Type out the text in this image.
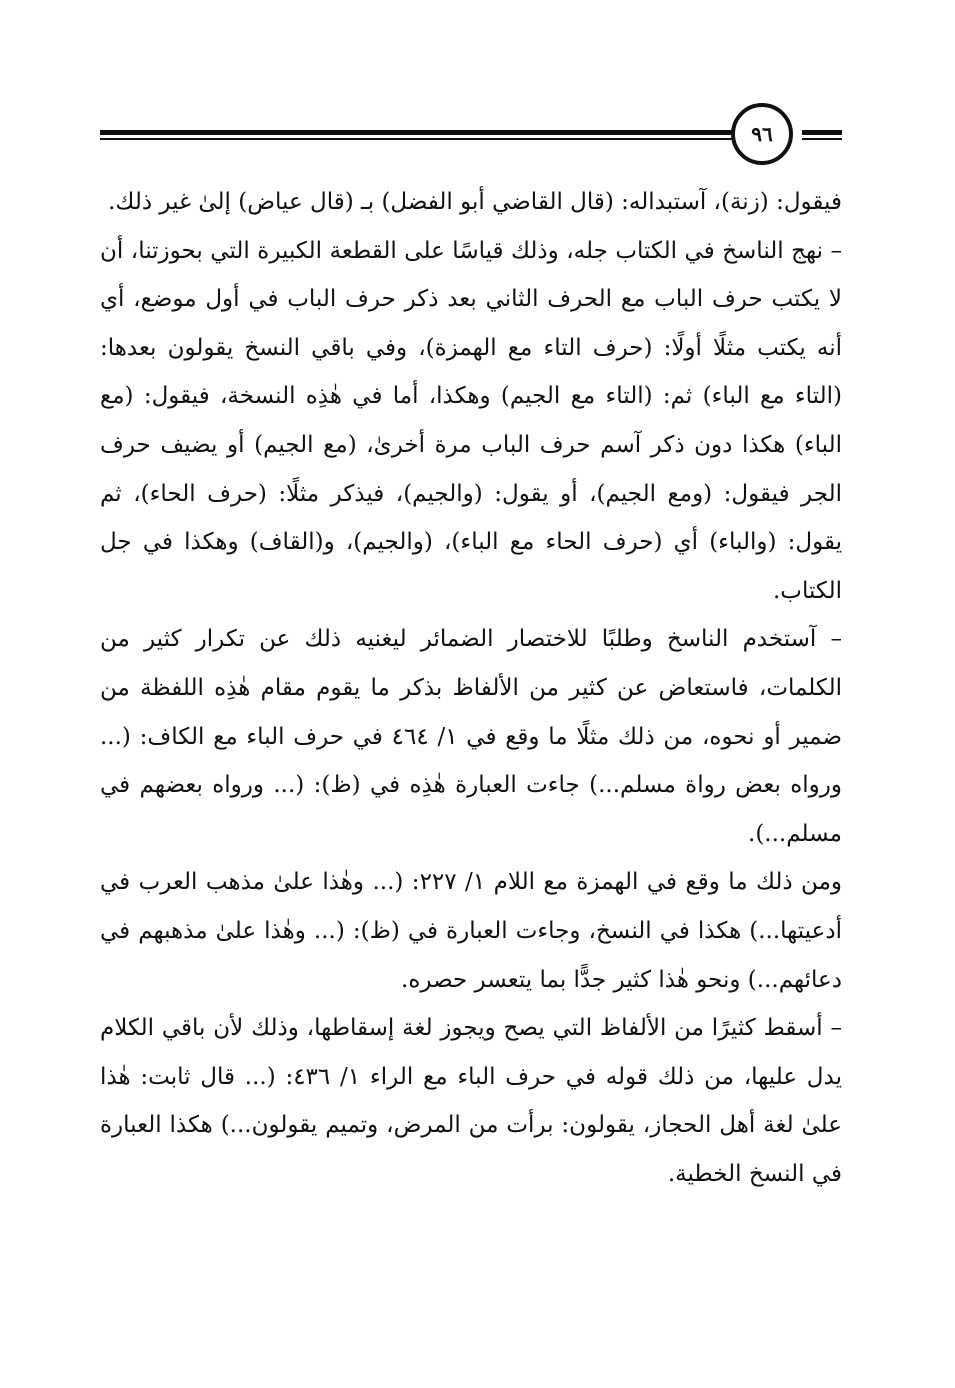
٩٦

فيقول: (زنة)، آستبداله: (قال القاضي أبو الفضل) بـ (قال عياض) إلىٰ غير ذلك.

– نهج الناسخ في الكتاب جله، وذلك قياسًا على القطعة الكبيرة التي بحوزتنا، أن لا يكتب حرف الباب مع الحرف الثاني بعد ذكر حرف الباب في أول موضع، أي أنه يكتب مثلًا أولًا: (حرف التاء مع الهمزة)، وفي باقي النسخ يقولون بعدها: (التاء مع الباء) ثم: (التاء مع الجيم) وهكذا، أما في هٰذِه النسخة، فيقول: (مع الباء) هكذا دون ذكر آسم حرف الباب مرة أخرىٰ، (مع الجيم) أو يضيف حرف الجر فيقول: (ومع الجيم)، أو يقول: (والجيم)، فيذكر مثلًا: (حرف الحاء)، ثم يقول: (والباء) أي (حرف الحاء مع الباء)، (والجيم)، و(القاف) وهكذا في جل الكتاب.

– آستخدم الناسخ وطلبًا للاختصار الضمائر ليغنيه ذلك عن تكرار كثير من الكلمات، فاستعاض عن كثير من الألفاظ بذكر ما يقوم مقام هٰذِه اللفظة من ضمير أو نحوه، من ذلك مثلًا ما وقع في ١/ ٤٦٤ في حرف الباء مع الكاف: (... ورواه بعض رواة مسلم...) جاءت العبارة هٰذِه في (ظ): (... ورواه بعضهم في مسلم...).

ومن ذلك ما وقع في الهمزة مع اللام ١/ ٢٢٧: (... وهٰذا علىٰ مذهب العرب في أدعيتها...) هكذا في النسخ، وجاءت العبارة في (ظ): (... وهٰذا علىٰ مذهبهم في دعائهم...) ونحو هٰذا كثير جدًّا بما يتعسر حصره.

– أسقط كثيرًا من الألفاظ التي يصح ويجوز لغة إسقاطها، وذلك لأن باقي الكلام يدل عليها، من ذلك قوله في حرف الباء مع الراء ١/ ٤٣٦: (... قال ثابت: هٰذا علىٰ لغة أهل الحجاز، يقولون: برأت من المرض، وتميم يقولون...) هكذا العبارة في النسخ الخطية.
